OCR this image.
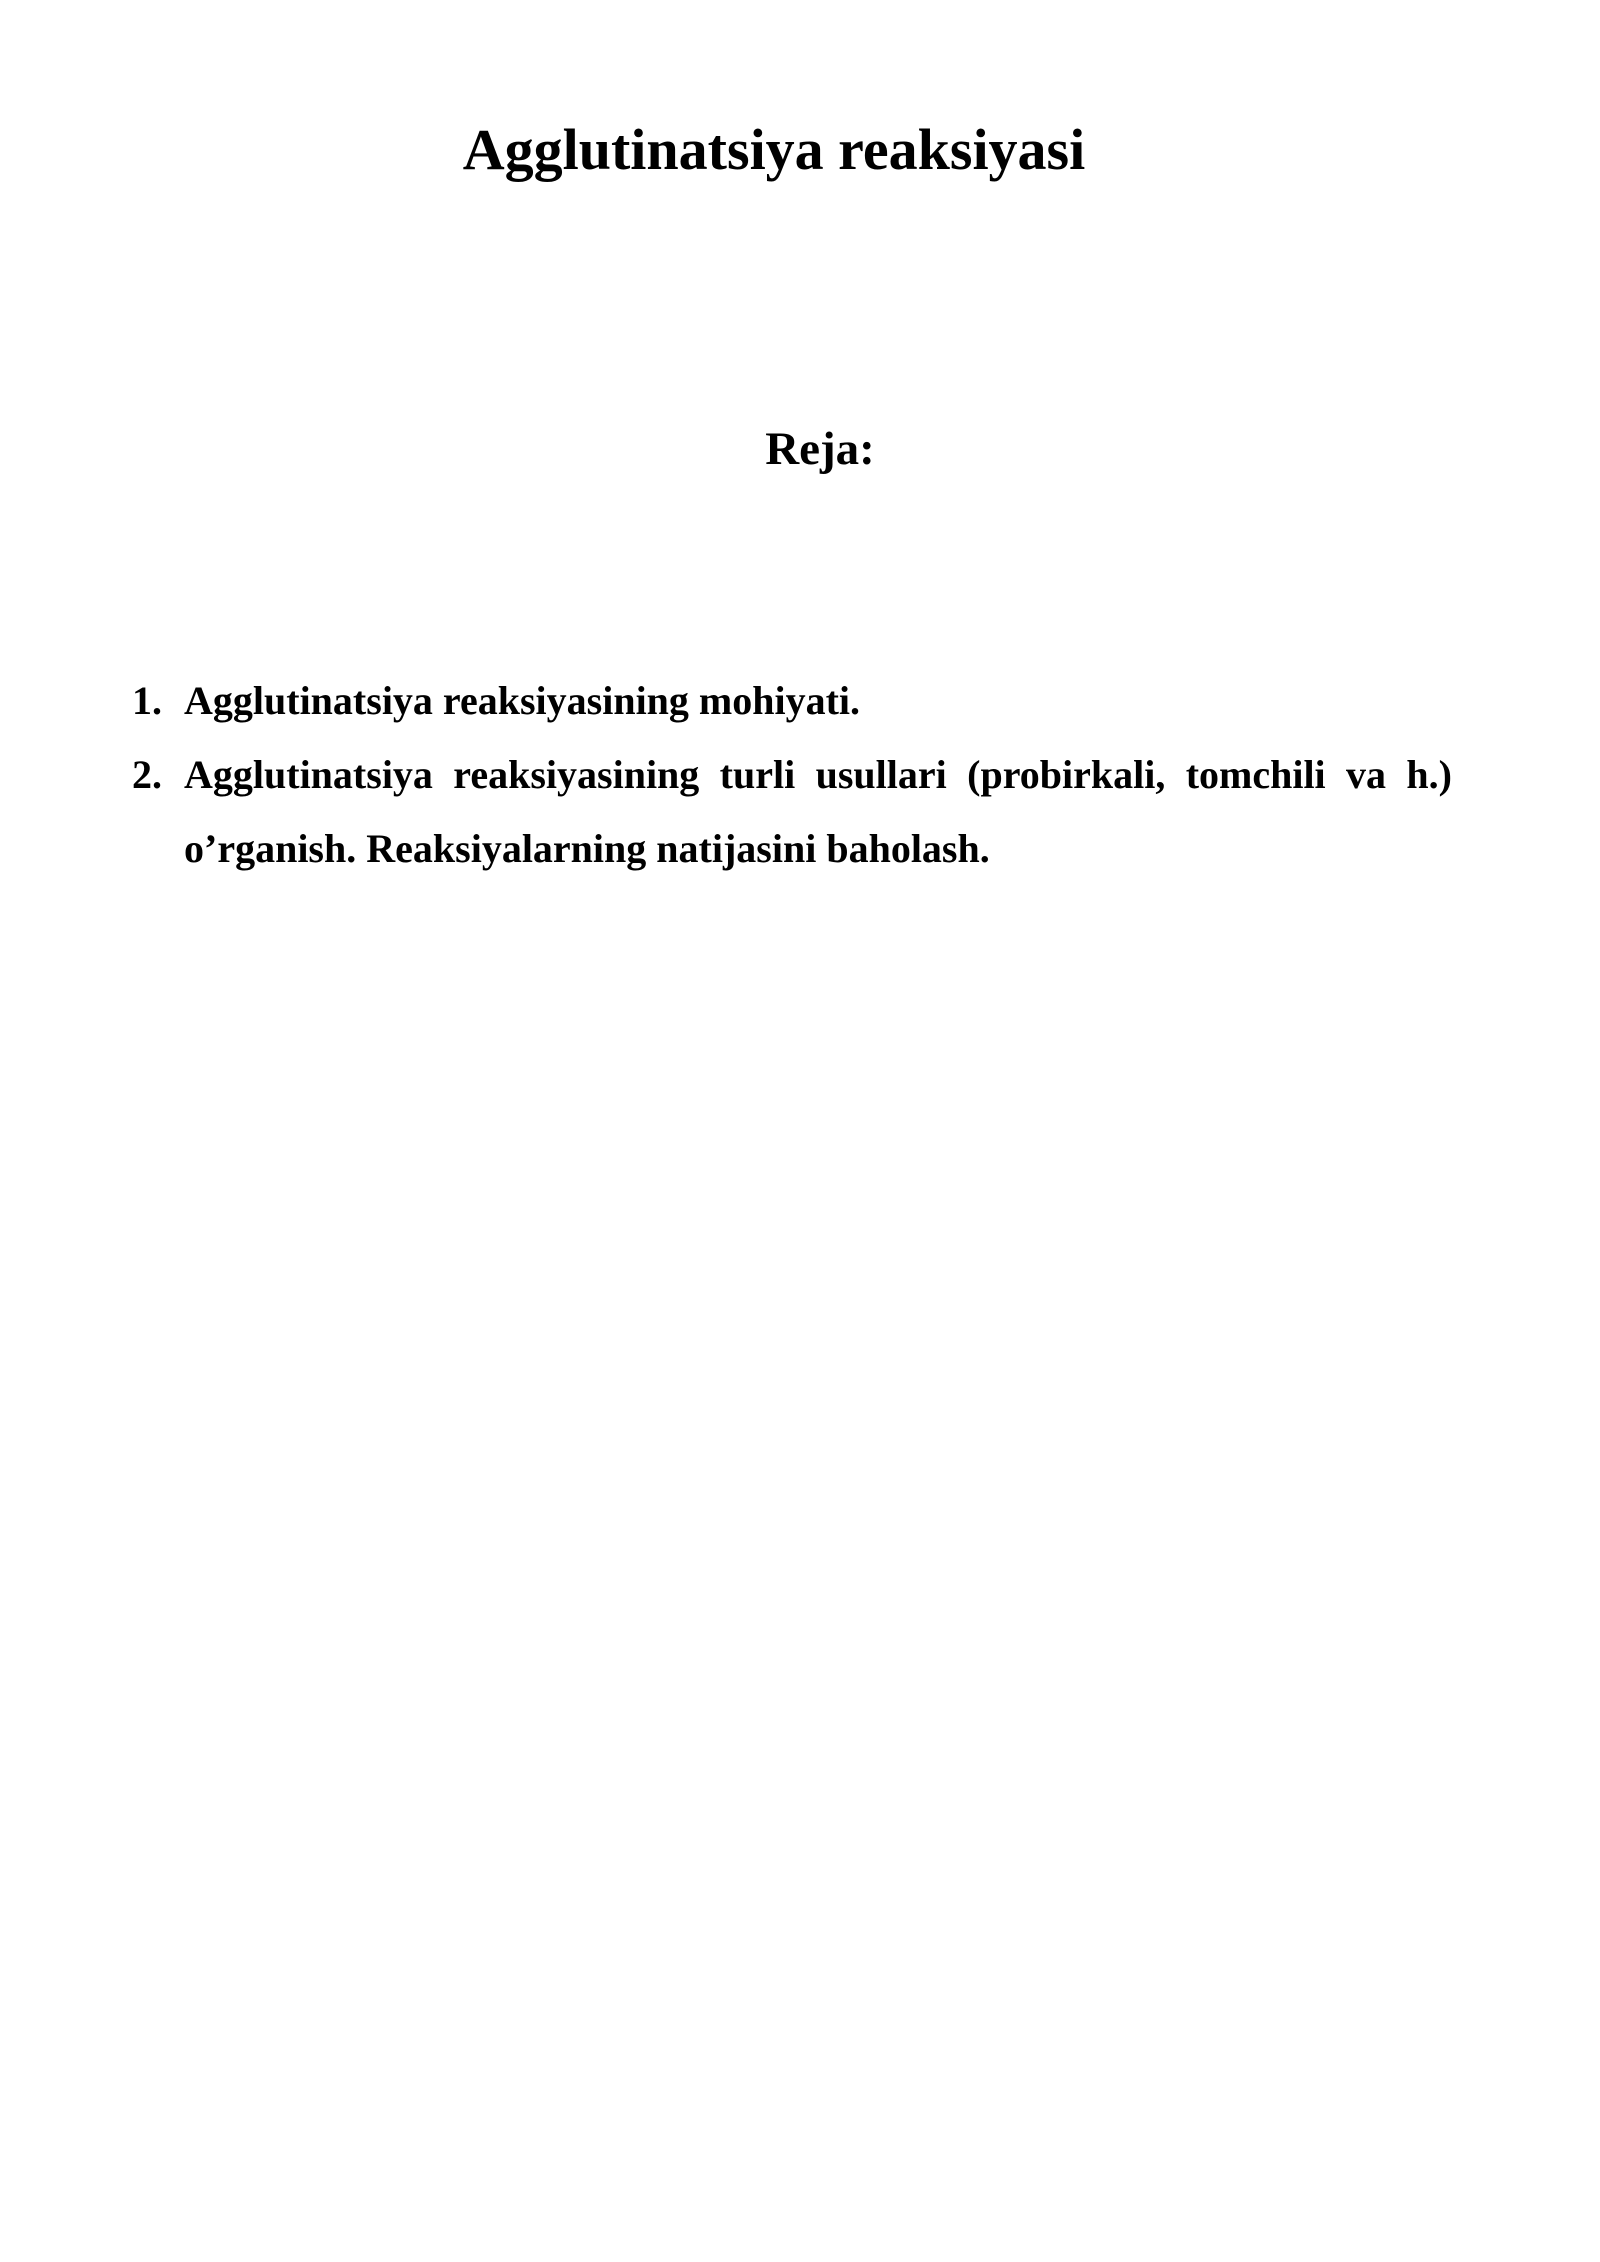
Agglutinatsiya reaksiyasi
Reja:
1. Agglutinatsiya reaksiyasining mohiyati.
2. Agglutinatsiya reaksiyasining turli usullari (probirkali, tomchili va h.) o’rganish. Reaksiyalarning natijasini baholash.
